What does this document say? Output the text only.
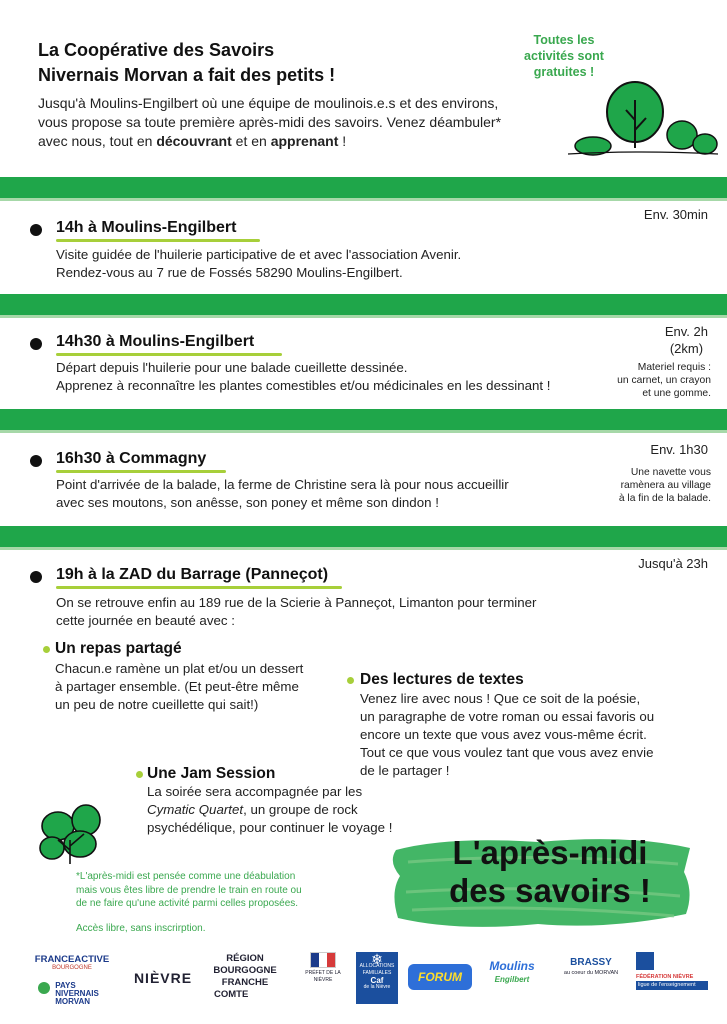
La Coopérative des Savoirs
Nivernais Morvan a fait des petits !
Jusqu'à Moulins-Engilbert où une équipe de moulinois.e.s et des environs, vous propose sa toute première après-midi des savoirs. Venez déambuler* avec nous, tout en découvrant et en apprenant !
Toutes les
activités sont
gratuites !
14h à Moulins-Engilbert
Env. 30min
Visite guidée de l'huilerie participative de et avec l'association Avenir.
Rendez-vous au 7 rue de Fossés 58290 Moulins-Engilbert.
14h30 à Moulins-Engilbert
Env. 2h
(2km)
Départ depuis l'huilerie pour une balade cueillette dessinée.
Apprenez à reconnaître les plantes comestibles et/ou médicinales en les dessinant !
Materiel requis :
un carnet, un crayon
et une gomme.
16h30 à Commagny
Env. 1h30
Point d'arrivée de la balade, la ferme de Christine sera là pour nous accueillir
avec ses moutons, son anêsse, son poney et même son dindon !
Une navette vous
ramènera au village
à la fin de la balade.
19h à la ZAD du Barrage (Panneçot)
Jusqu'à 23h
On se retrouve enfin au 189 rue de la Scierie à Panneçot, Limanton pour terminer
cette journée en beauté avec :
Un repas partagé
Chacun.e ramène un plat et/ou un dessert
à partager ensemble. (Et peut-être même
un peu de notre cueillette qui sait!)
Des lectures de textes
Venez lire avec nous ! Que ce soit de la poésie,
un paragraphe de votre roman ou essai favoris ou
encore un texte que vous avez vous-même écrit.
Tout ce que vous voulez tant que vous avez envie
de le partager !
Une Jam Session
La soirée sera accompagnée par les
Cymatic Quartet, un groupe de rock
psychédélique, pour continuer le voyage !
*L'après-midi est pensée comme une déabulation
mais vous êtes libre de prendre le train en route ou
de ne faire qu'une activité parmi celles proposées.
Accès libre, sans inscrirption.
L'après-midi
des savoirs !
FRANCEACTIVE
BOURGOGNE
PAYS
NIVERNAIS
MORVAN
NIÈVRE
RÉGION
BOURGOGNE
FRANCHE
COMTE
PRÉFET DE LA NIÈVRE
❄
ALLOCATIONS FAMILIALES
Caf
de la Nièvre
FORUM
Moulins
Engilbert
BRASSY
au coeur du MORVAN
FÉDÉRATION NIÈVRE
ligue de l'enseignement
